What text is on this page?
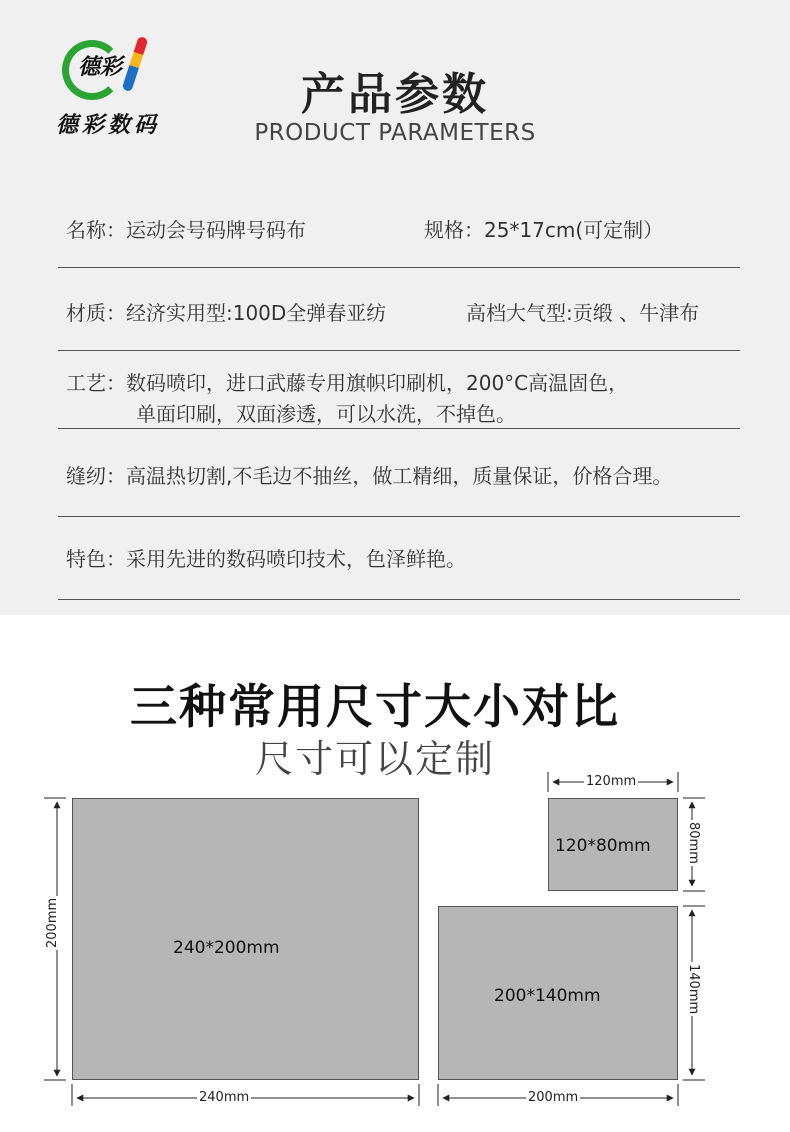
德彩
德彩数码
产品参数
PRODUCT PARAMETERS
名称：运动会号码牌号码布	规格：25*17cm(可定制）
材质：经济实用型:100D全弹春亚纺	高档大气型:贡缎 、牛津布
工艺：数码喷印，进口武藤专用旗帜印刷机，200°C高温固色，
单面印刷，双面渗透，可以水洗，不掉色。
缝纫：高温热切割,不毛边不抽丝，做工精细，质量保证，价格合理。
特色：采用先进的数码喷印技术，色泽鲜艳。
三种常用尺寸大小对比
尺寸可以定制
240*200mm
120*80mm
200*140mm
200mm
240mm
120mm
80mm
140mm
200mm
